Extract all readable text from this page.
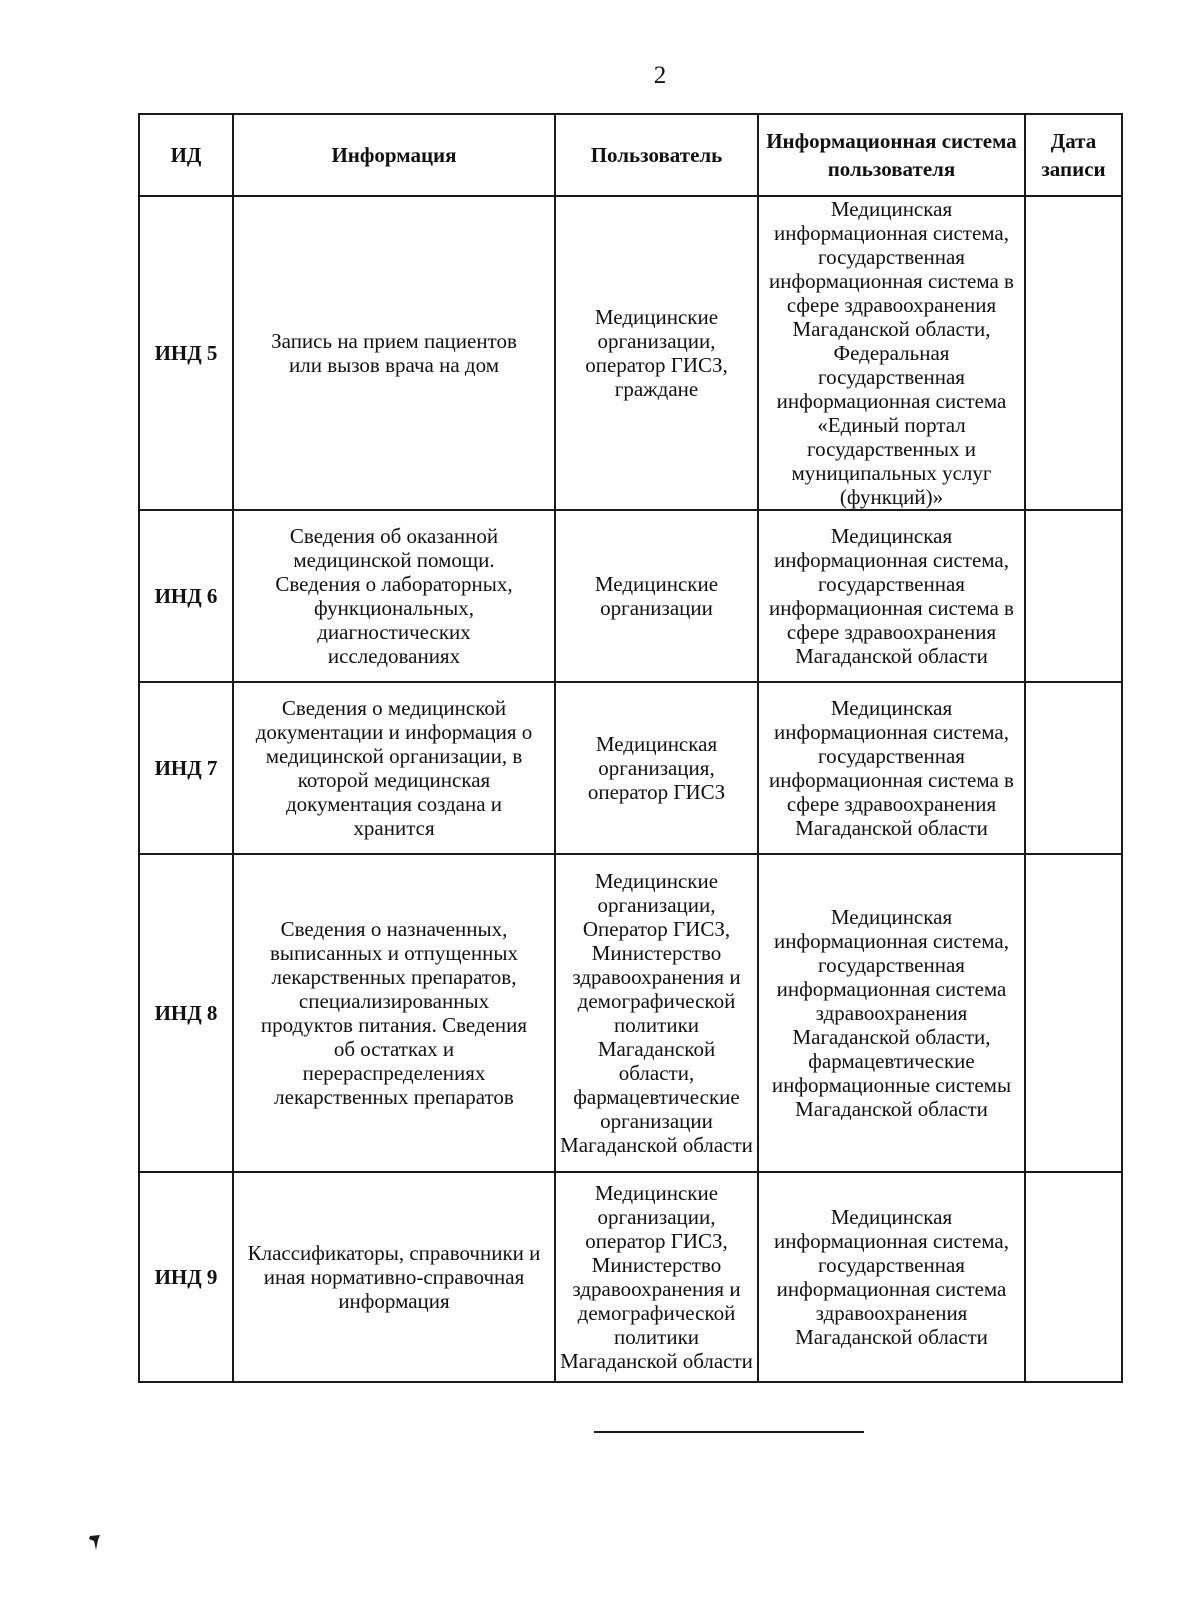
2
ИД	Информация	Пользователь	Информационная система пользователя	Дата записи
ИНД 5	Запись на прием пациентов или вызов врача на дом	Медицинские организации, оператор ГИСЗ, граждане	Медицинская информационная система, государственная информационная система в сфере здравоохранения Магаданской области, Федеральная государственная информационная система «Единый портал государственных и муниципальных услуг (функций)»	
ИНД 6	Сведения об оказанной медицинской помощи. Сведения о лабораторных, функциональных, диагностических исследованиях	Медицинские организации	Медицинская информационная система, государственная информационная система в сфере здравоохранения Магаданской области	
ИНД 7	Сведения о медицинской документации и информация о медицинской организации, в которой медицинская документация создана и хранится	Медицинская организация, оператор ГИСЗ	Медицинская информационная система, государственная информационная система в сфере здравоохранения Магаданской области	
ИНД 8	Сведения о назначенных, выписанных и отпущенных лекарственных препаратов, специализированных продуктов питания. Сведения об остатках и перераспределениях лекарственных препаратов	Медицинские организации, Оператор ГИСЗ, Министерство здравоохранения и демографической политики Магаданской области, фармацевтические организации Магаданской области	Медицинская информационная система, государственная информационная система здравоохранения Магаданской области, фармацевтические информационные системы Магаданской области	
ИНД 9	Классификаторы, справочники и иная нормативно-справочная информация	Медицинские организации, оператор ГИСЗ, Министерство здравоохранения и демографической политики Магаданской области	Медицинская информационная система, государственная информационная система здравоохранения Магаданской области	
